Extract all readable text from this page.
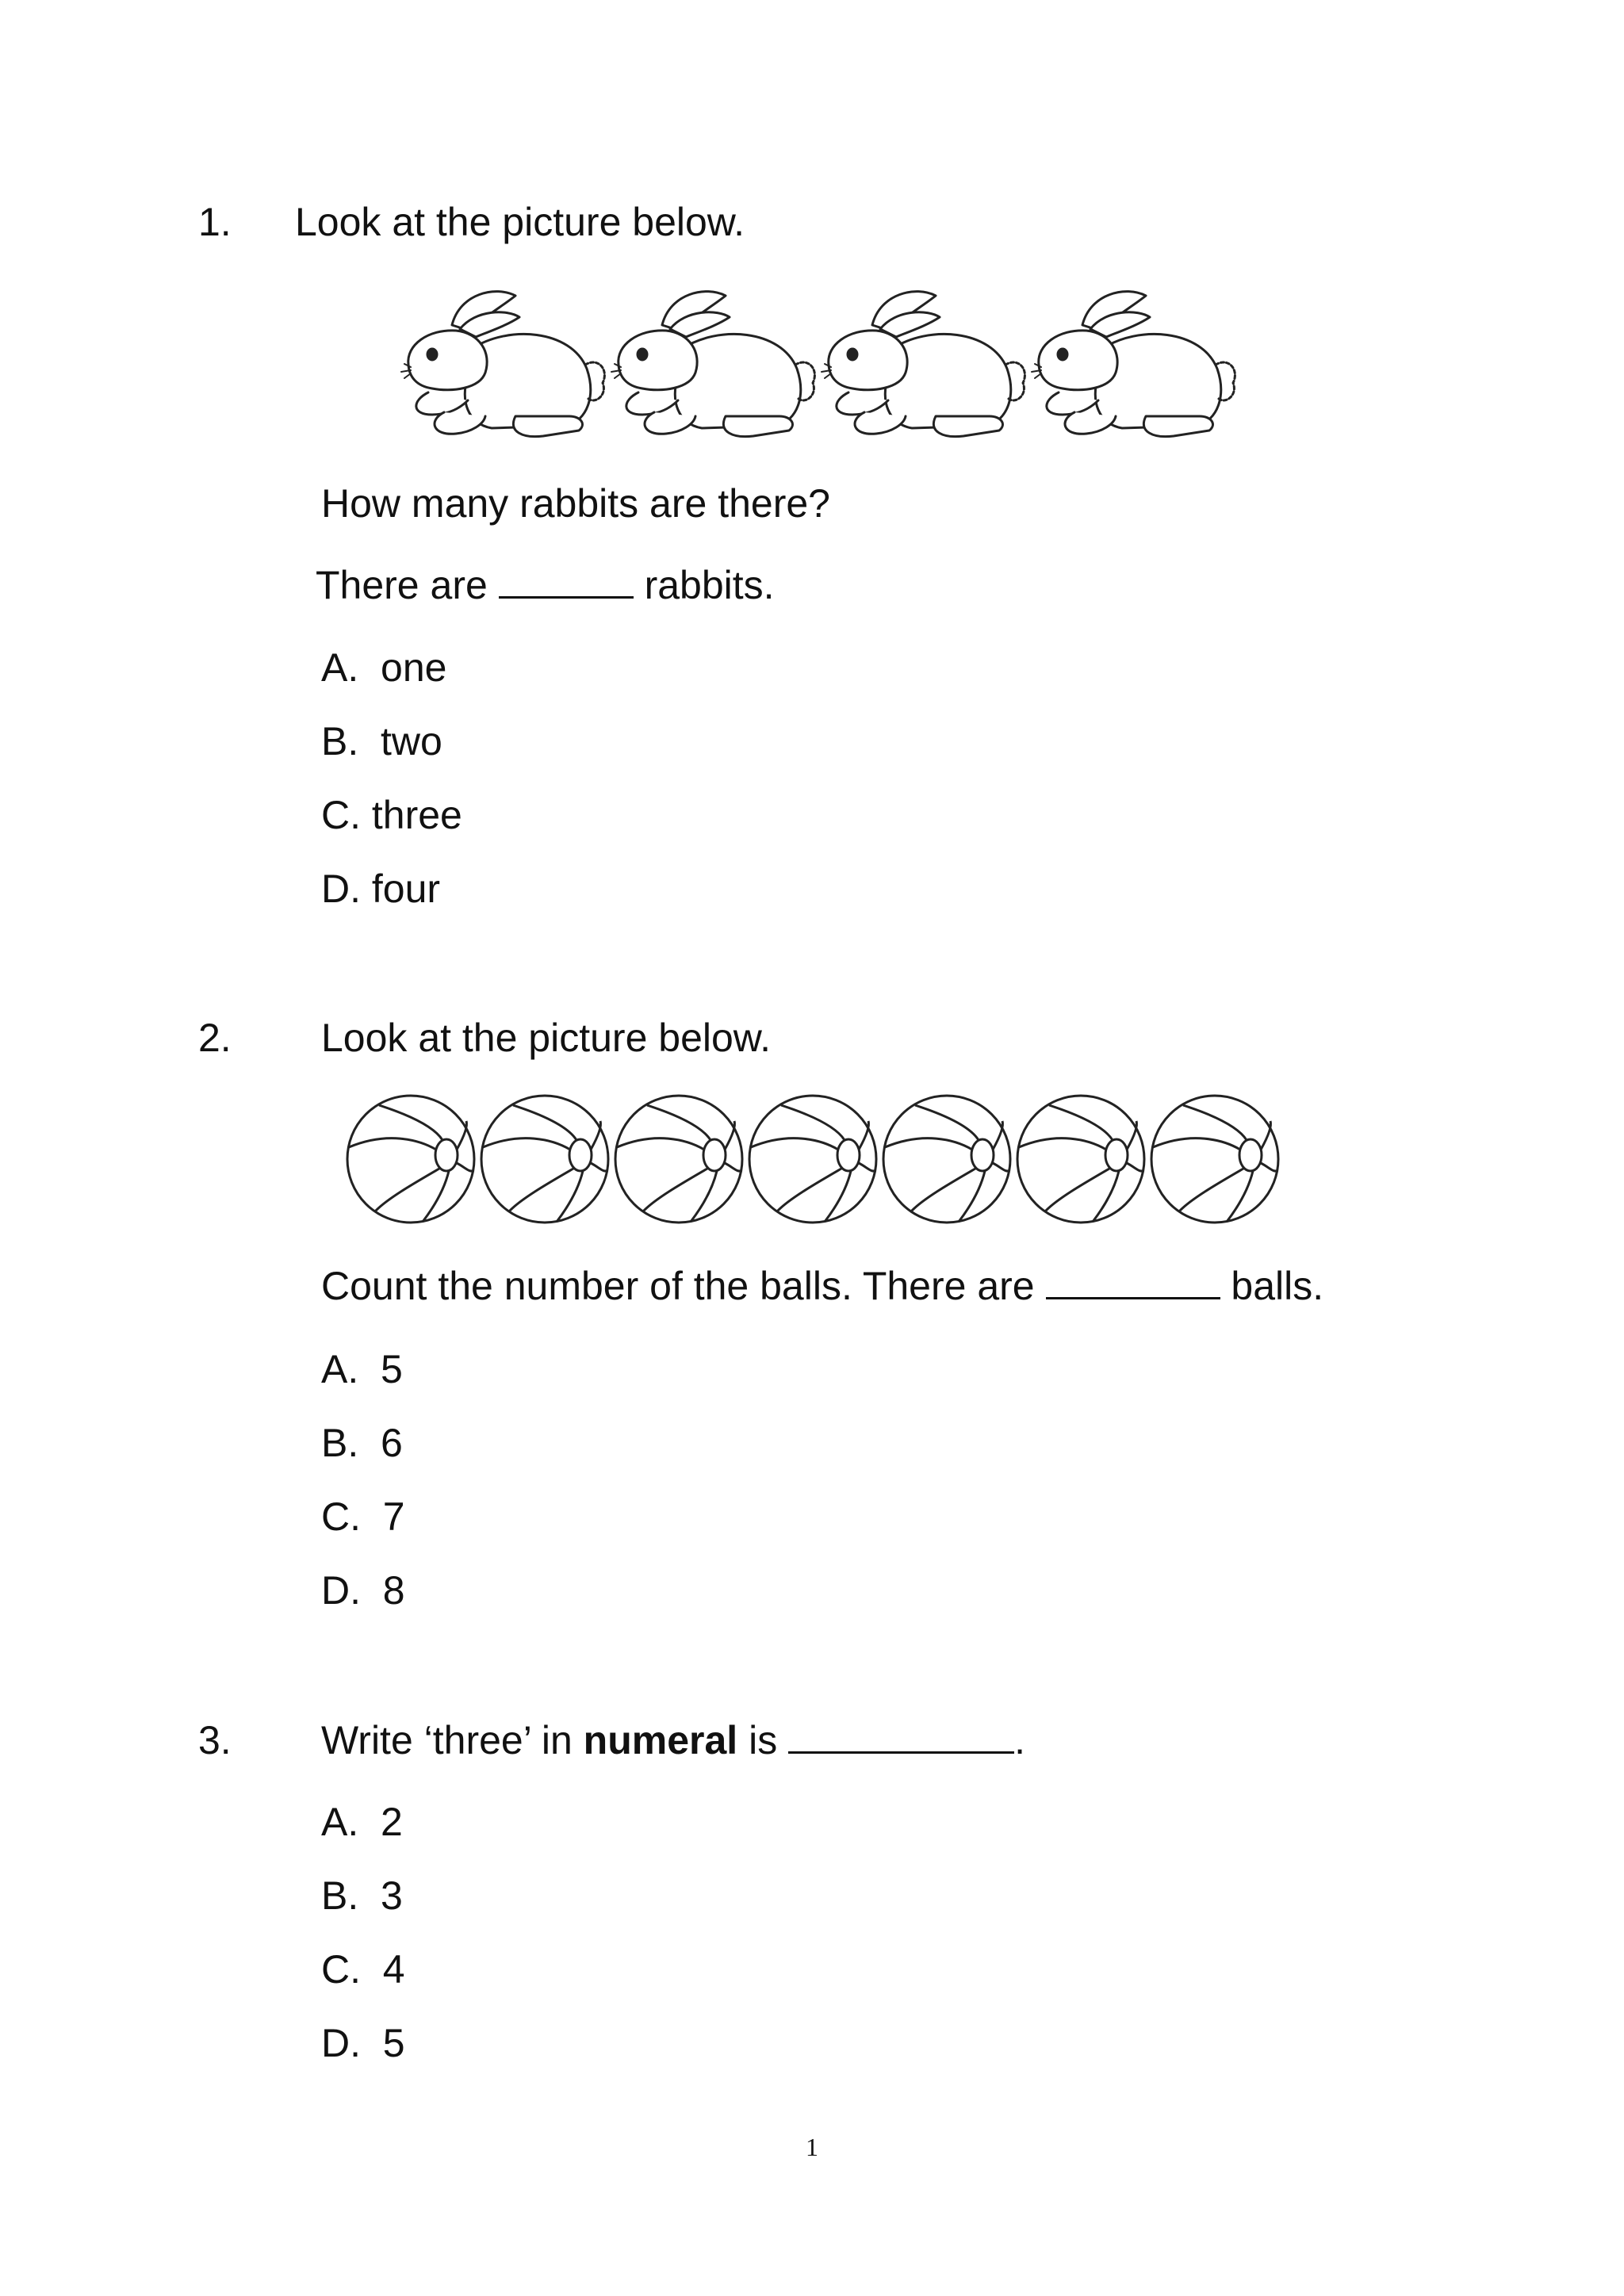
1. Look at the picture below.
How many rabbits are there?
There are	rabbits.
A.  one
B.  two
C. three
D. four
2. Look at the picture below.
Count the number of the balls. There are	balls.
A.  5
B.  6
C.  7
D.  8
3. Write ‘three’ in numeral is	.
A.  2
B.  3
C.  4
D.  5
1
